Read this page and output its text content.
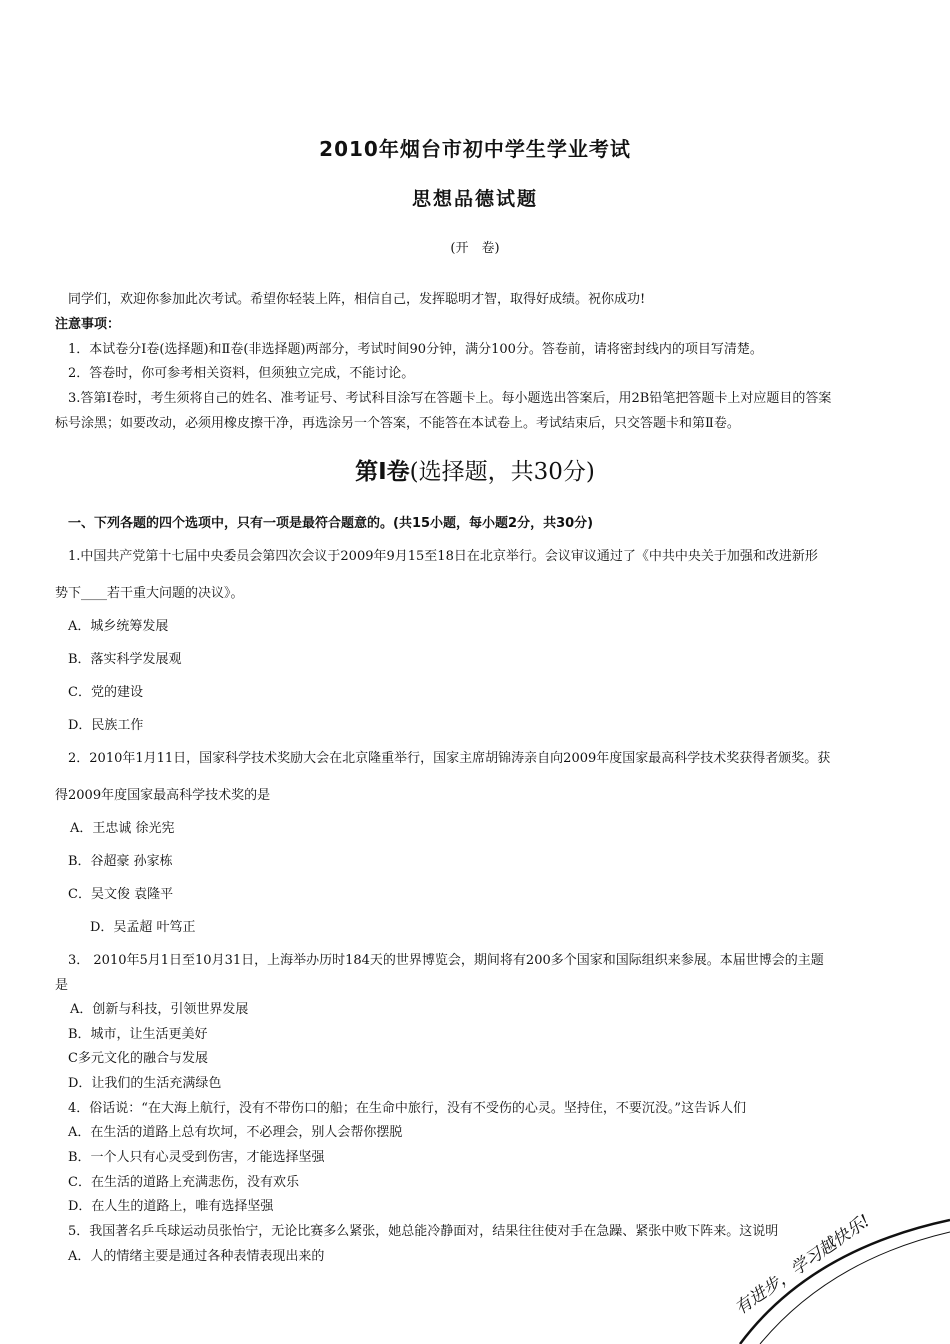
2010年烟台市初中学生学业考试
思想品德试题
(开　卷)
同学们，欢迎你参加此次考试。希望你轻装上阵，相信自己，发挥聪明才智，取得好成绩。祝你成功!
注意事项：
1．本试卷分Ⅰ卷(选择题)和Ⅱ卷(非选择题)两部分，考试时间90分钟，满分100分。答卷前，请将密封线内的项目写清楚。
2．答卷时，你可参考相关资料，但须独立完成，不能讨论。
3.答第Ⅰ卷时，考生须将自己的姓名、准考证号、考试科目涂写在答题卡上。每小题选出答案后，用2B铅笔把答题卡上对应题目的答案
标号涂黑；如要改动，必须用橡皮擦干净，再选涂另一个答案，不能答在本试卷上。考试结束后，只交答题卡和第Ⅱ卷。
第Ⅰ卷(选择题，共30分)
一、下列各题的四个选项中，只有一项是最符合题意的。(共15小题，每小题2分，共30分)
1.中国共产党第十七届中央委员会第四次会议于2009年9月15至18日在北京举行。会议审议通过了《中共中央关于加强和改进新形
势下____若干重大问题的决议》。
A．城乡统筹发展
B．落实科学发展观
C．党的建设
D．民族工作
2．2010年1月11日，国家科学技术奖励大会在北京隆重举行，国家主席胡锦涛亲自向2009年度国家最高科学技术奖获得者颁奖。获
得2009年度国家最高科学技术奖的是
A．王忠诚 徐光宪
B．谷超豪 孙家栋
C．吴文俊 袁隆平
D．吴孟超 叶笃正
3． 2010年5月1日至10月31日，上海举办历时184天的世界博览会，期间将有200多个国家和国际组织来参展。本届世博会的主题
是
A．创新与科技，引领世界发展
B．城市，让生活更美好
C多元文化的融合与发展
D．让我们的生活充满绿色
4．俗话说：“在大海上航行，没有不带伤口的船；在生命中旅行，没有不受伤的心灵。坚持住，不要沉没。”这告诉人们
A．在生活的道路上总有坎坷，不必理会，别人会帮你摆脱
B．一个人只有心灵受到伤害，才能选择坚强
C．在生活的道路上充满悲伤，没有欢乐
D．在人生的道路上，唯有选择坚强
5．我国著名乒乓球运动员张怡宁，无论比赛多么紧张，她总能冷静面对，结果往往使对手在急躁、紧张中败下阵来。这说明
A．人的情绪主要是通过各种表情表现出来的	有进步，学习越快乐!
